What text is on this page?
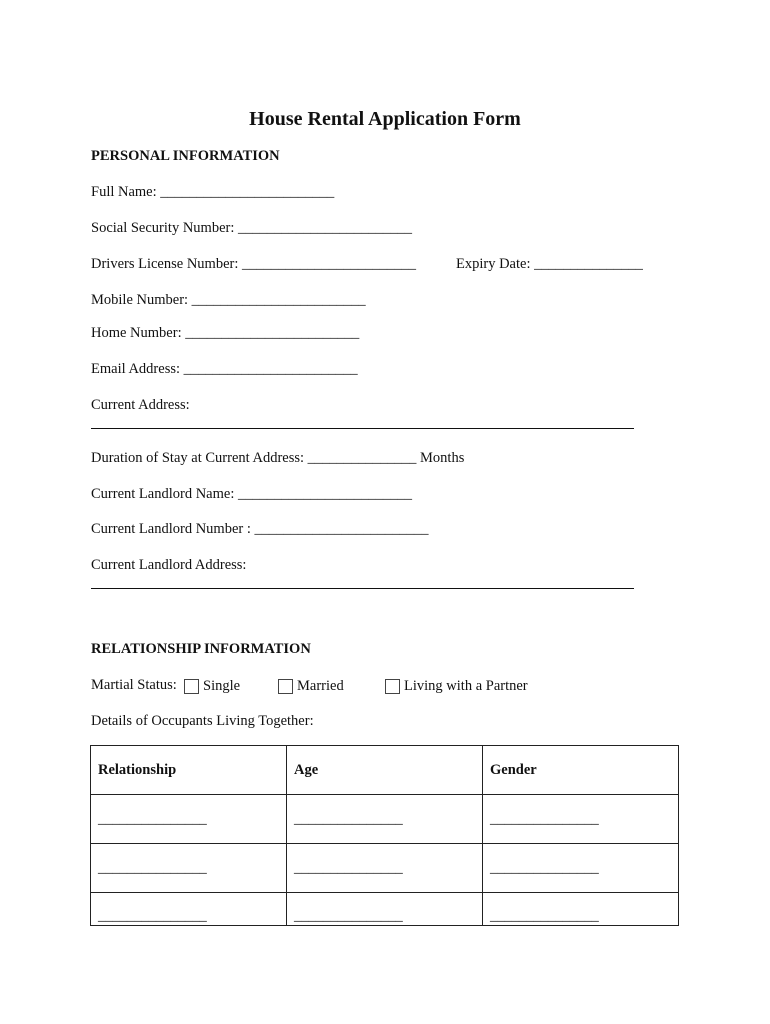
House Rental Application Form
PERSONAL INFORMATION
Full Name: ________________________
Social Security Number: ________________________
Drivers License Number: ________________________	Expiry Date: _______________
Mobile Number: ________________________
Home Number: ________________________
Email Address: ________________________
Current Address:
Duration of Stay at Current Address: _______________ Months
Current Landlord Name: ________________________
Current Landlord Number : ________________________
Current Landlord Address:
RELATIONSHIP INFORMATION
Martial Status: Single	Married	Living with a Partner
Details of Occupants Living Together:
Relationship	Age	Gender
_______________	_______________	_______________
_______________	_______________	_______________
_______________	_______________	_______________
